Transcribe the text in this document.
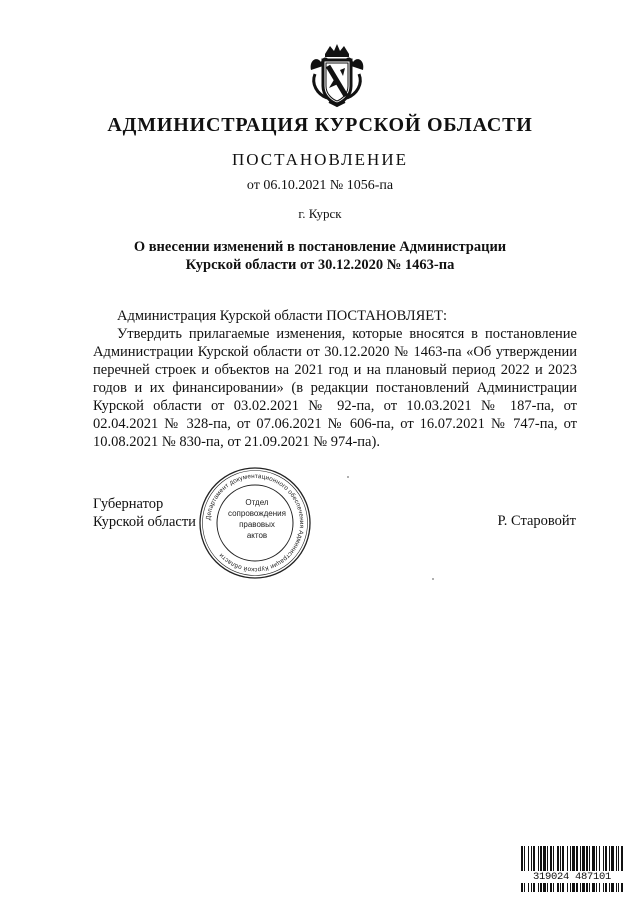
АДМИНИСТРАЦИЯ КУРСКОЙ ОБЛАСТИ
ПОСТАНОВЛЕНИЕ
от 06.10.2021 № 1056-па
г. Курск
О внесении изменений в постановление Администрации
Курской области от 30.12.2020 № 1463-па

Администрация Курской области ПОСТАНОВЛЯЕТ:

Утвердить прилагаемые изменения, которые вносятся в постановление Администрации Курской области от 30.12.2020 № 1463-па «Об утверждении перечней строек и объектов на 2021 год и на плановый период 2022 и 2023 годов и их финансировании» (в редакции постановлений Администрации Курской области от 03.02.2021 № 92-па, от 10.03.2021 № 187-па, от 02.04.2021 № 328-па, от 07.06.2021 № 606-па, от 16.07.2021 № 747-па, от 10.08.2021 № 830-па, от 21.09.2021 № 974-па).

Губернатор
Курской области	Р. Старовойт
Департамент документационного обеспечения Администрации Курской области
Отдел
сопровождения
правовых
актов
319024 487101
